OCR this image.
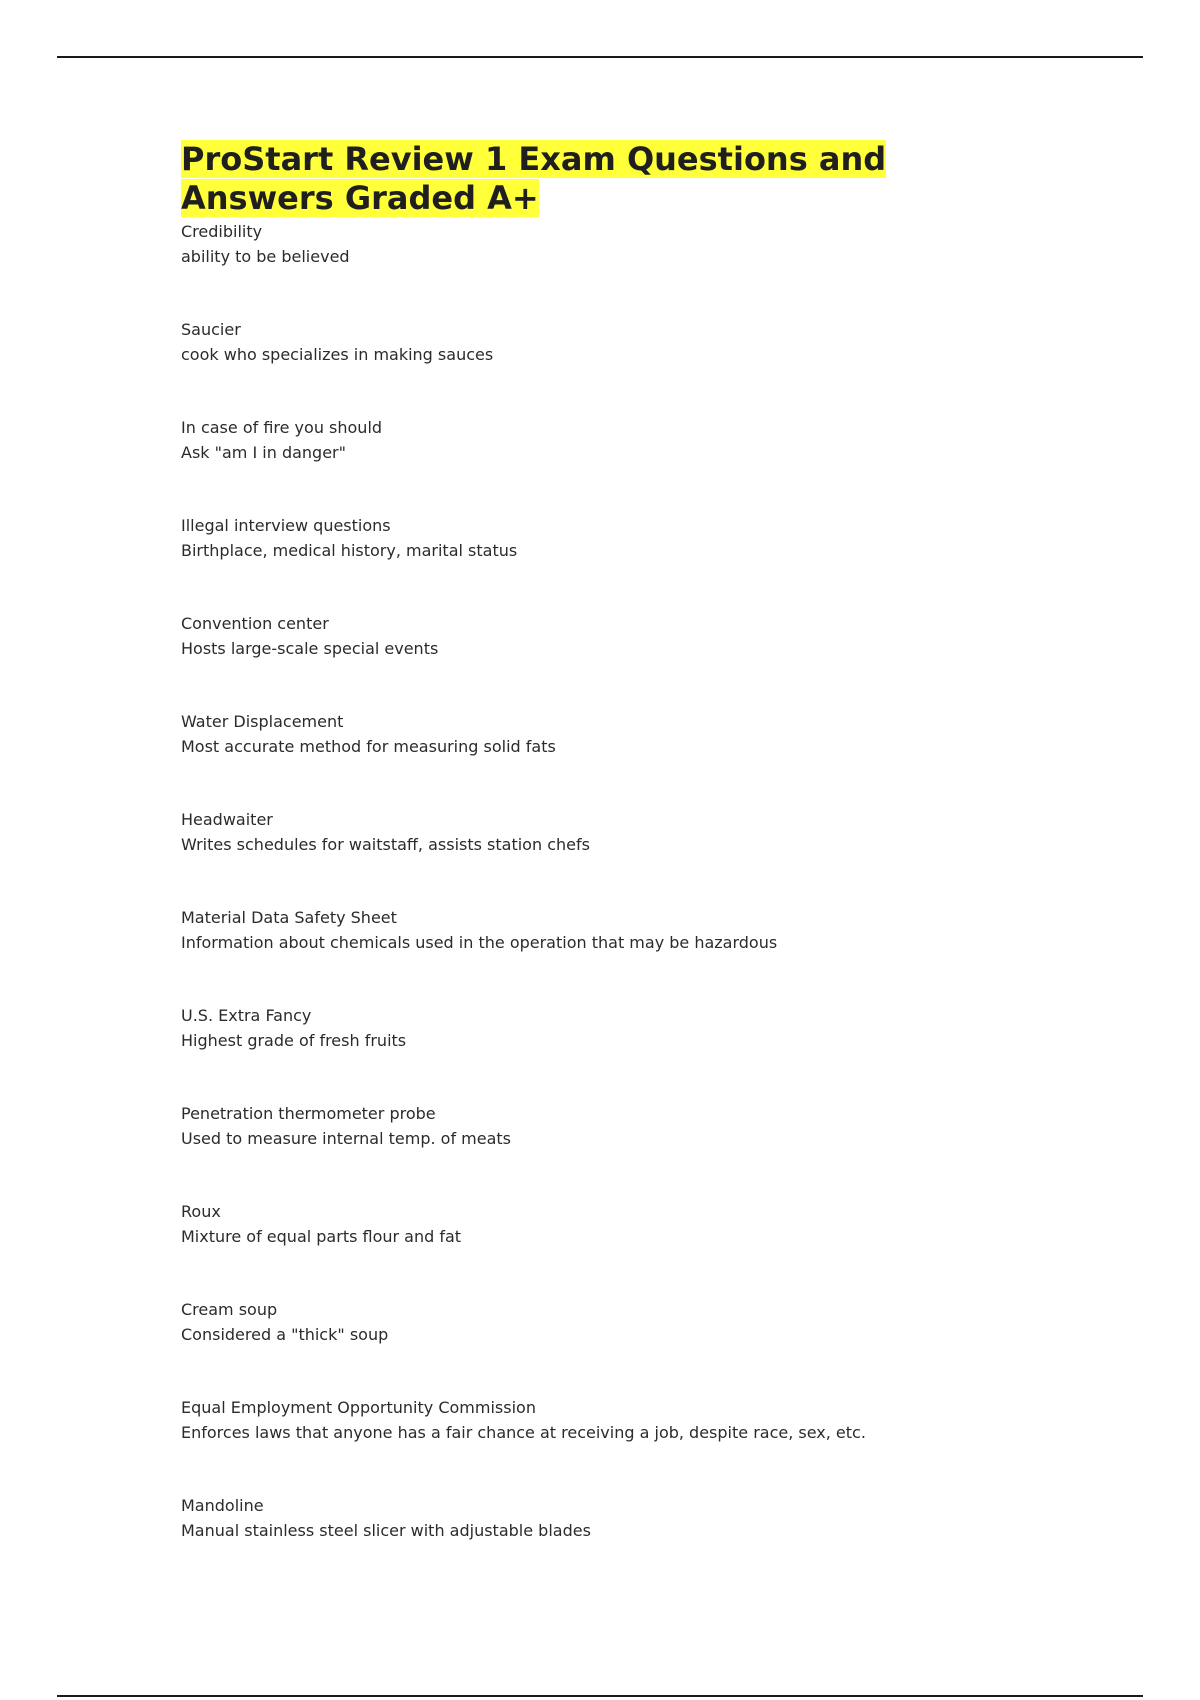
ProStart Review 1 Exam Questions and
Answers Graded A+
Credibility
ability to be believed
Saucier
cook who specializes in making sauces
In case of fire you should
Ask "am I in danger"
Illegal interview questions
Birthplace, medical history, marital status
Convention center
Hosts large-scale special events
Water Displacement
Most accurate method for measuring solid fats
Headwaiter
Writes schedules for waitstaff, assists station chefs
Material Data Safety Sheet
Information about chemicals used in the operation that may be hazardous
U.S. Extra Fancy
Highest grade of fresh fruits
Penetration thermometer probe
Used to measure internal temp. of meats
Roux
Mixture of equal parts flour and fat
Cream soup
Considered a "thick" soup
Equal Employment Opportunity Commission
Enforces laws that anyone has a fair chance at receiving a job, despite race, sex, etc.
Mandoline
Manual stainless steel slicer with adjustable blades
